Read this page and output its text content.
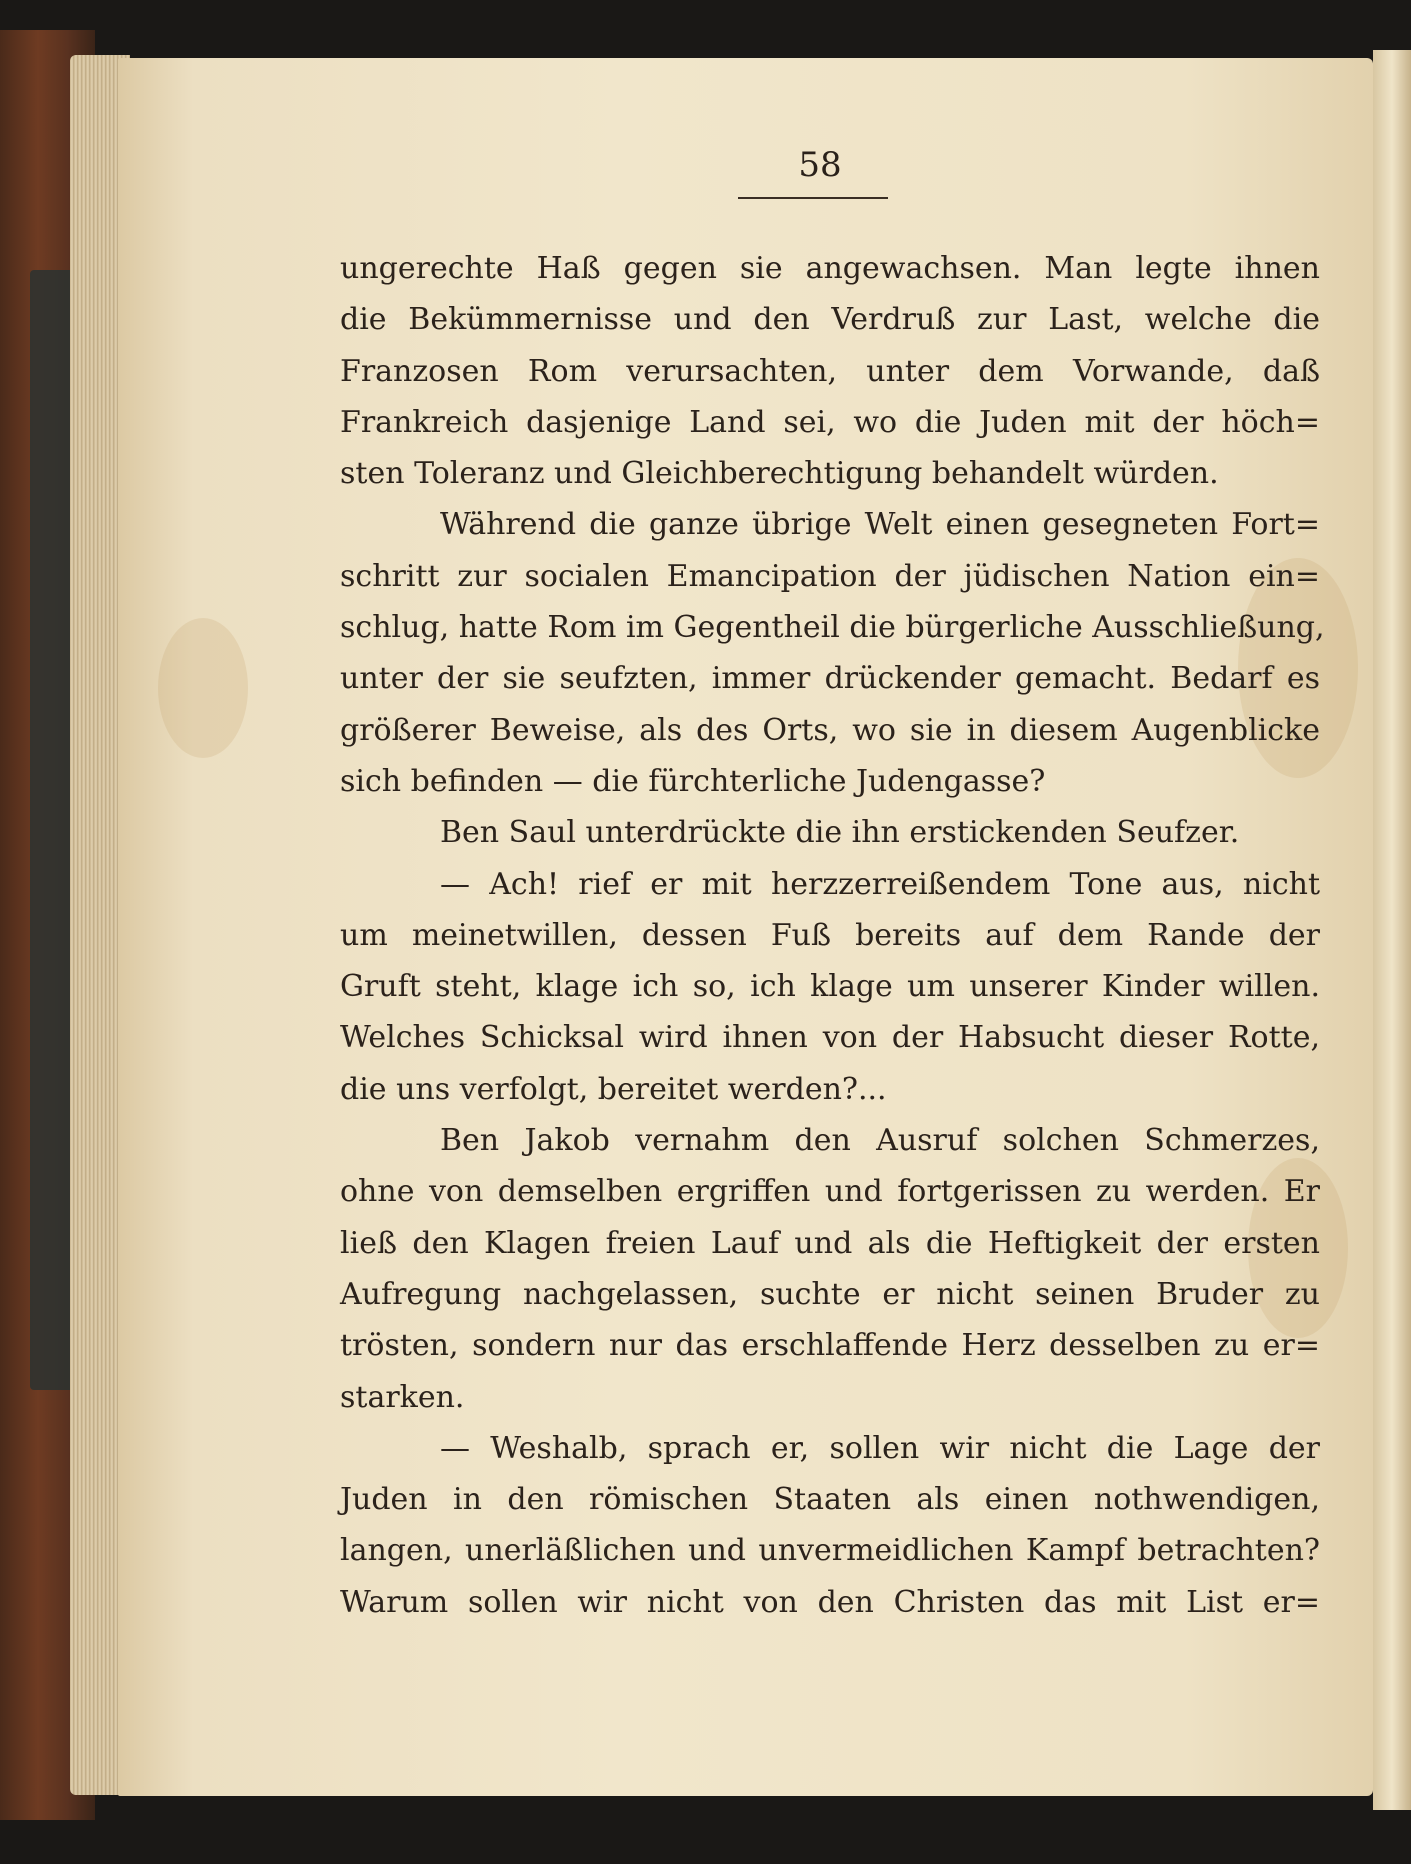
58
ungerechte Haß gegen sie angewachsen. Man legte ihnen
die Bekümmernisse und den Verdruß zur Last, welche die
Franzosen Rom verursachten, unter dem Vorwande, daß
Frankreich dasjenige Land sei, wo die Juden mit der höch=
sten Toleranz und Gleichberechtigung behandelt würden.
Während die ganze übrige Welt einen gesegneten Fort=
schritt zur socialen Emancipation der jüdischen Nation ein=
schlug, hatte Rom im Gegentheil die bürgerliche Ausschließung,
unter der sie seufzten, immer drückender gemacht. Bedarf es
größerer Beweise, als des Orts, wo sie in diesem Augenblicke
sich befinden — die fürchterliche Judengasse?
Ben Saul unterdrückte die ihn erstickenden Seufzer.
— Ach! rief er mit herzzerreißendem Tone aus, nicht
um meinetwillen, dessen Fuß bereits auf dem Rande der
Gruft steht, klage ich so, ich klage um unserer Kinder willen.
Welches Schicksal wird ihnen von der Habsucht dieser Rotte,
die uns verfolgt, bereitet werden?...
Ben Jakob vernahm den Ausruf solchen Schmerzes,
ohne von demselben ergriffen und fortgerissen zu werden. Er
ließ den Klagen freien Lauf und als die Heftigkeit der ersten
Aufregung nachgelassen, suchte er nicht seinen Bruder zu
trösten, sondern nur das erschlaffende Herz desselben zu er=
starken.
— Weshalb, sprach er, sollen wir nicht die Lage der
Juden in den römischen Staaten als einen nothwendigen,
langen, unerläßlichen und unvermeidlichen Kampf betrachten?
Warum sollen wir nicht von den Christen das mit List er=
